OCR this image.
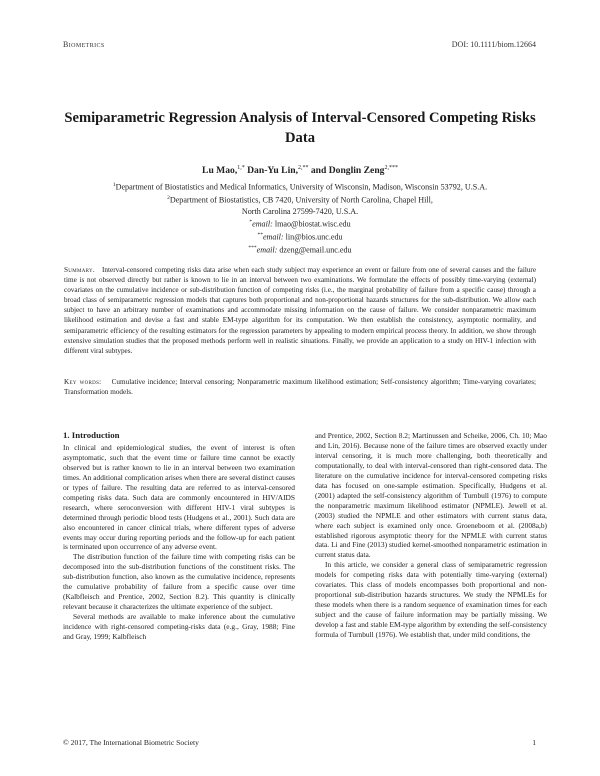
Biometrics	DOI: 10.1111/biom.12664
Semiparametric Regression Analysis of Interval-Censored Competing Risks Data
Lu Mao,$^{1,*}$ Dan-Yu Lin,$^{2,**}$ and Donglin Zeng$^{2,***}$
$^1$Department of Biostatistics and Medical Informatics, University of Wisconsin, Madison, Wisconsin 53792, U.S.A.
$^2$Department of Biostatistics, CB 7420, University of North Carolina, Chapel Hill,
North Carolina 27599-7420, U.S.A.
*email: lmao@biostat.wisc.edu
**email: lin@bios.unc.edu
***email: dzeng@email.unc.edu
Summary. Interval-censored competing risks data arise when each study subject may experience an event or failure from one of several causes and the failure time is not observed directly but rather is known to lie in an interval between two examinations. We formulate the effects of possibly time-varying (external) covariates on the cumulative incidence or sub-distribution function of competing risks (i.e., the marginal probability of failure from a specific cause) through a broad class of semiparametric regression models that captures both proportional and non-proportional hazards structures for the sub-distribution. We allow each subject to have an arbitrary number of examinations and accommodate missing information on the cause of failure. We consider nonparametric maximum likelihood estimation and devise a fast and stable EM-type algorithm for its computation. We then establish the consistency, asymptotic normality, and semiparametric efficiency of the resulting estimators for the regression parameters by appealing to modern empirical process theory. In addition, we show through extensive simulation studies that the proposed methods perform well in realistic situations. Finally, we provide an application to a study on HIV-1 infection with different viral subtypes.
Key words: Cumulative incidence; Interval censoring; Nonparametric maximum likelihood estimation; Self-consistency algorithm; Time-varying covariates; Transformation models.
1. Introduction

In clinical and epidemiological studies, the event of interest is often asymptomatic, such that the event time or failure time cannot be exactly observed but is rather known to lie in an interval between two examination times. An additional complication arises when there are several distinct causes or types of failure. The resulting data are referred to as interval-censored competing risks data. Such data are commonly encountered in HIV/AIDS research, where seroconversion with different HIV-1 viral subtypes is determined through periodic blood tests (Hudgens et al., 2001). Such data are also encountered in cancer clinical trials, where different types of adverse events may occur during reporting periods and the follow-up for each patient is terminated upon occurrence of any adverse event.

The distribution function of the failure time with competing risks can be decomposed into the sub-distribution functions of the constituent risks. The sub-distribution function, also known as the cumulative incidence, represents the cumulative probability of failure from a specific cause over time (Kalbfleisch and Prentice, 2002, Section 8.2). This quantity is clinically relevant because it characterizes the ultimate experience of the subject.

Several methods are available to make inference about the cumulative incidence with right-censored competing-risks data (e.g., Gray, 1988; Fine and Gray, 1999; Kalbfleisch

and Prentice, 2002, Section 8.2; Martinussen and Scheike, 2006, Ch. 10; Mao and Lin, 2016). Because none of the failure times are observed exactly under interval censoring, it is much more challenging, both theoretically and computationally, to deal with interval-censored than right-censored data. The literature on the cumulative incidence for interval-censored competing risks data has focused on one-sample estimation. Specifically, Hudgens et al. (2001) adapted the self-consistency algorithm of Turnbull (1976) to compute the nonparametric maximum likelihood estimator (NPMLE). Jewell et al. (2003) studied the NPMLE and other estimators with current status data, where each subject is examined only once. Groeneboom et al. (2008a,b) established rigorous asymptotic theory for the NPMLE with current status data. Li and Fine (2013) studied kernel-smoothed nonparametric estimation in current status data.

In this article, we consider a general class of semiparametric regression models for competing risks data with potentially time-varying (external) covariates. This class of models encompasses both proportional and non-proportional sub-distribution hazards structures. We study the NPMLEs for these models when there is a random sequence of examination times for each subject and the cause of failure information may be partially missing. We develop a fast and stable EM-type algorithm by extending the self-consistency formula of Turnbull (1976). We establish that, under mild conditions, the

© 2017, The International Biometric Society	1
